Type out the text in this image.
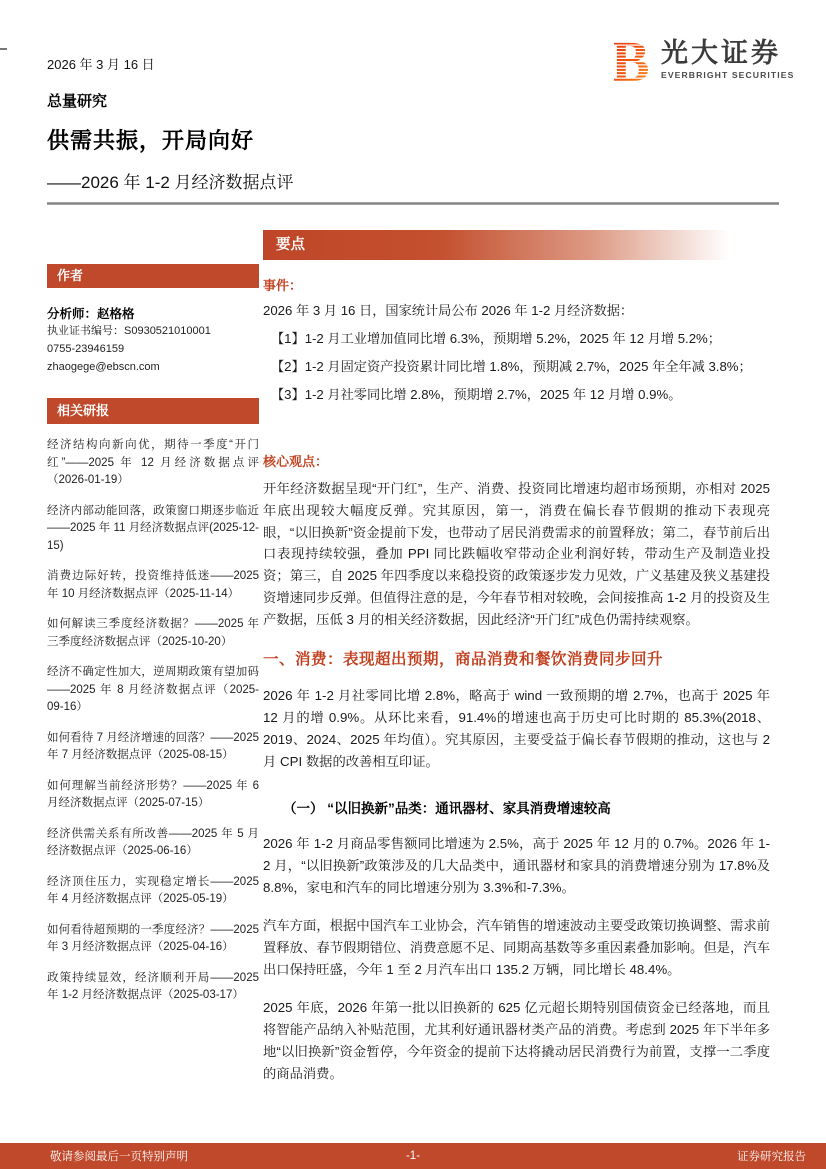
2026 年 3 月 16 日	光大证券
EVERBRIGHT SECURITIES
总量研究
供需共振，开局向好
——2026 年 1-2 月经济数据点评
作者
分析师：赵格格
执业证书编号：S0930521010001
0755-23946159
zhaogege@ebscn.com
相关研报
经济结构向新向优，期待一季度“开门红”——2025 年 12 月经济数据点评（2026-01-19）
经济内部动能回落，政策窗口期逐步临近——2025 年 11 月经济数据点评(2025-12-15)
消费边际好转，投资维持低迷——2025 年 10 月经济数据点评（2025-11-14）
如何解读三季度经济数据？——2025 年三季度经济数据点评（2025-10-20）
经济不确定性加大，逆周期政策有望加码——2025 年 8 月经济数据点评（2025-09-16）
如何看待 7 月经济增速的回落？——2025 年 7 月经济数据点评（2025-08-15）
如何理解当前经济形势？——2025 年 6 月经济数据点评（2025-07-15）
经济供需关系有所改善——2025 年 5 月经济数据点评（2025-06-16）
经济顶住压力，实现稳定增长——2025 年 4 月经济数据点评（2025-05-19）
如何看待超预期的一季度经济？——2025 年 3 月经济数据点评（2025-04-16）
政策持续显效，经济顺利开局——2025 年 1-2 月经济数据点评（2025-03-17）
要点
事件：

2026 年 3 月 16 日，国家统计局公布 2026 年 1-2 月经济数据：

【1】1-2 月工业增加值同比增 6.3%，预期增 5.2%，2025 年 12 月增 5.2%；

【2】1-2 月固定资产投资累计同比增 1.8%，预期减 2.7%，2025 年全年减 3.8%；

【3】1-2 月社零同比增 2.8%，预期增 2.7%，2025 年 12 月增 0.9%。

核心观点：

开年经济数据呈现“开门红”，生产、消费、投资同比增速均超市场预期，亦相对 2025 年底出现较大幅度反弹。究其原因，第一，消费在偏长春节假期的推动下表现亮眼，“以旧换新”资金提前下发，也带动了居民消费需求的前置释放；第二，春节前后出口表现持续较强，叠加 PPI 同比跌幅收窄带动企业利润好转，带动生产及制造业投资；第三，自 2025 年四季度以来稳投资的政策逐步发力见效，广义基建及狭义基建投资增速同步反弹。但值得注意的是，今年春节相对较晚，会间接推高 1-2 月的投资及生产数据，压低 3 月的相关经济数据，因此经济“开门红”成色仍需持续观察。

一、消费：表现超出预期，商品消费和餐饮消费同步回升

2026 年 1-2 月社零同比增 2.8%，略高于 wind 一致预期的增 2.7%，也高于 2025 年 12 月的增 0.9%。从环比来看，91.4%的增速也高于历史可比时期的 85.3%(2018、2019、2024、2025 年均值）。究其原因，主要受益于偏长春节假期的推动，这也与 2 月 CPI 数据的改善相互印证。

（一） “以旧换新”品类：通讯器材、家具消费增速较高

2026 年 1-2 月商品零售额同比增速为 2.5%，高于 2025 年 12 月的 0.7%。2026 年 1-2 月，“以旧换新”政策涉及的几大品类中，通讯器材和家具的消费增速分别为 17.8%及 8.8%，家电和汽车的同比增速分别为 3.3%和-7.3%。

汽车方面，根据中国汽车工业协会，汽车销售的增速波动主要受政策切换调整、需求前置释放、春节假期错位、消费意愿不足、同期高基数等多重因素叠加影响。但是，汽车出口保持旺盛，今年 1 至 2 月汽车出口 135.2 万辆，同比增长 48.4%。

2025 年底，2026 年第一批以旧换新的 625 亿元超长期特别国债资金已经落地，而且将智能产品纳入补贴范围，尤其利好通讯器材类产品的消费。考虑到 2025 年下半年多地“以旧换新”资金暂停，今年资金的提前下达将撬动居民消费行为前置，支撑一二季度的商品消费。

敬请参阅最后一页特别声明	-1-	证券研究报告
